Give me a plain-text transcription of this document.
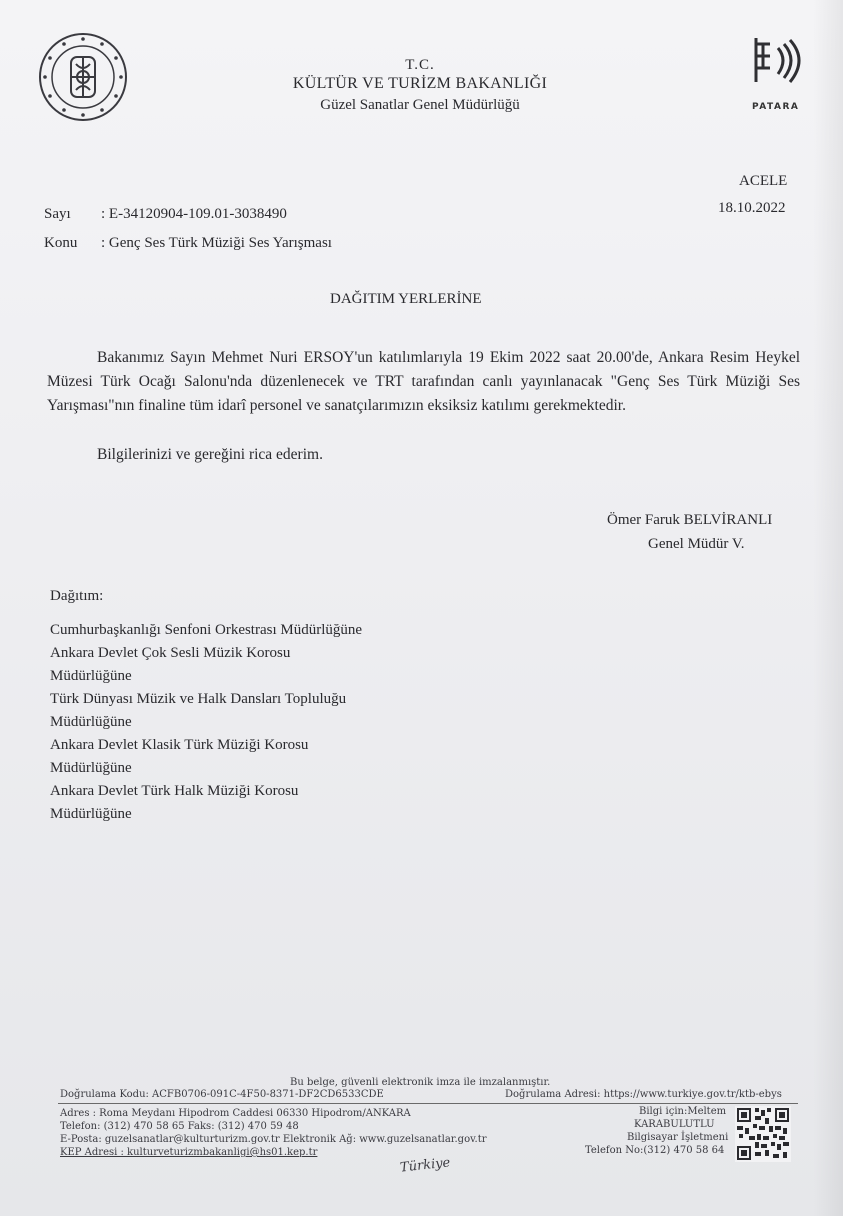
T.C.
KÜLTÜR VE TURİZM BAKANLIĞI
Güzel Sanatlar Genel Müdürlüğü	PATARA
ACELE
18.10.2022
Sayı : E-34120904-109.01-3038490
Konu : Genç Ses Türk Müziği Ses Yarışması
DAĞITIM YERLERİNE
Bakanımız Sayın Mehmet Nuri ERSOY'un katılımlarıyla 19 Ekim 2022 saat 20.00'de, Ankara Resim Heykel Müzesi Türk Ocağı Salonu'nda düzenlenecek ve TRT tarafından canlı yayınlanacak "Genç Ses Türk Müziği Ses Yarışması"nın finaline tüm idarî personel ve sanatçılarımızın eksiksiz katılımı gerekmektedir.
Bilgilerinizi ve gereğini rica ederim.
Ömer Faruk BELVİRANLI
Genel Müdür V.
Dağıtım:
Cumhurbaşkanlığı Senfoni Orkestrası Müdürlüğüne
Ankara Devlet Çok Sesli Müzik Korosu
Müdürlüğüne
Türk Dünyası Müzik ve Halk Dansları Topluluğu
Müdürlüğüne
Ankara Devlet Klasik Türk Müziği Korosu
Müdürlüğüne
Ankara Devlet Türk Halk Müziği Korosu
Müdürlüğüne
Bu belge, güvenli elektronik imza ile imzalanmıştır.
Doğrulama Kodu: ACFB0706-091C-4F50-8371-DF2CD6533CDE	Doğrulama Adresi: https://www.turkiye.gov.tr/ktb-ebys
Adres : Roma Meydanı Hipodrom Caddesi 06330 Hipodrom/ANKARA
Telefon: (312) 470 58 65 Faks: (312) 470 59 48
E-Posta: guzelsanatlar@kulturturizm.gov.tr Elektronik Ağ: www.guzelsanatlar.gov.tr
KEP Adresi : kulturveturizmbakanligi@hs01.kep.tr
Bilgi için:Meltem
KARABULUTLU
Bilgisayar İşletmeni
Telefon No:(312) 470 58 64
Türkiye
